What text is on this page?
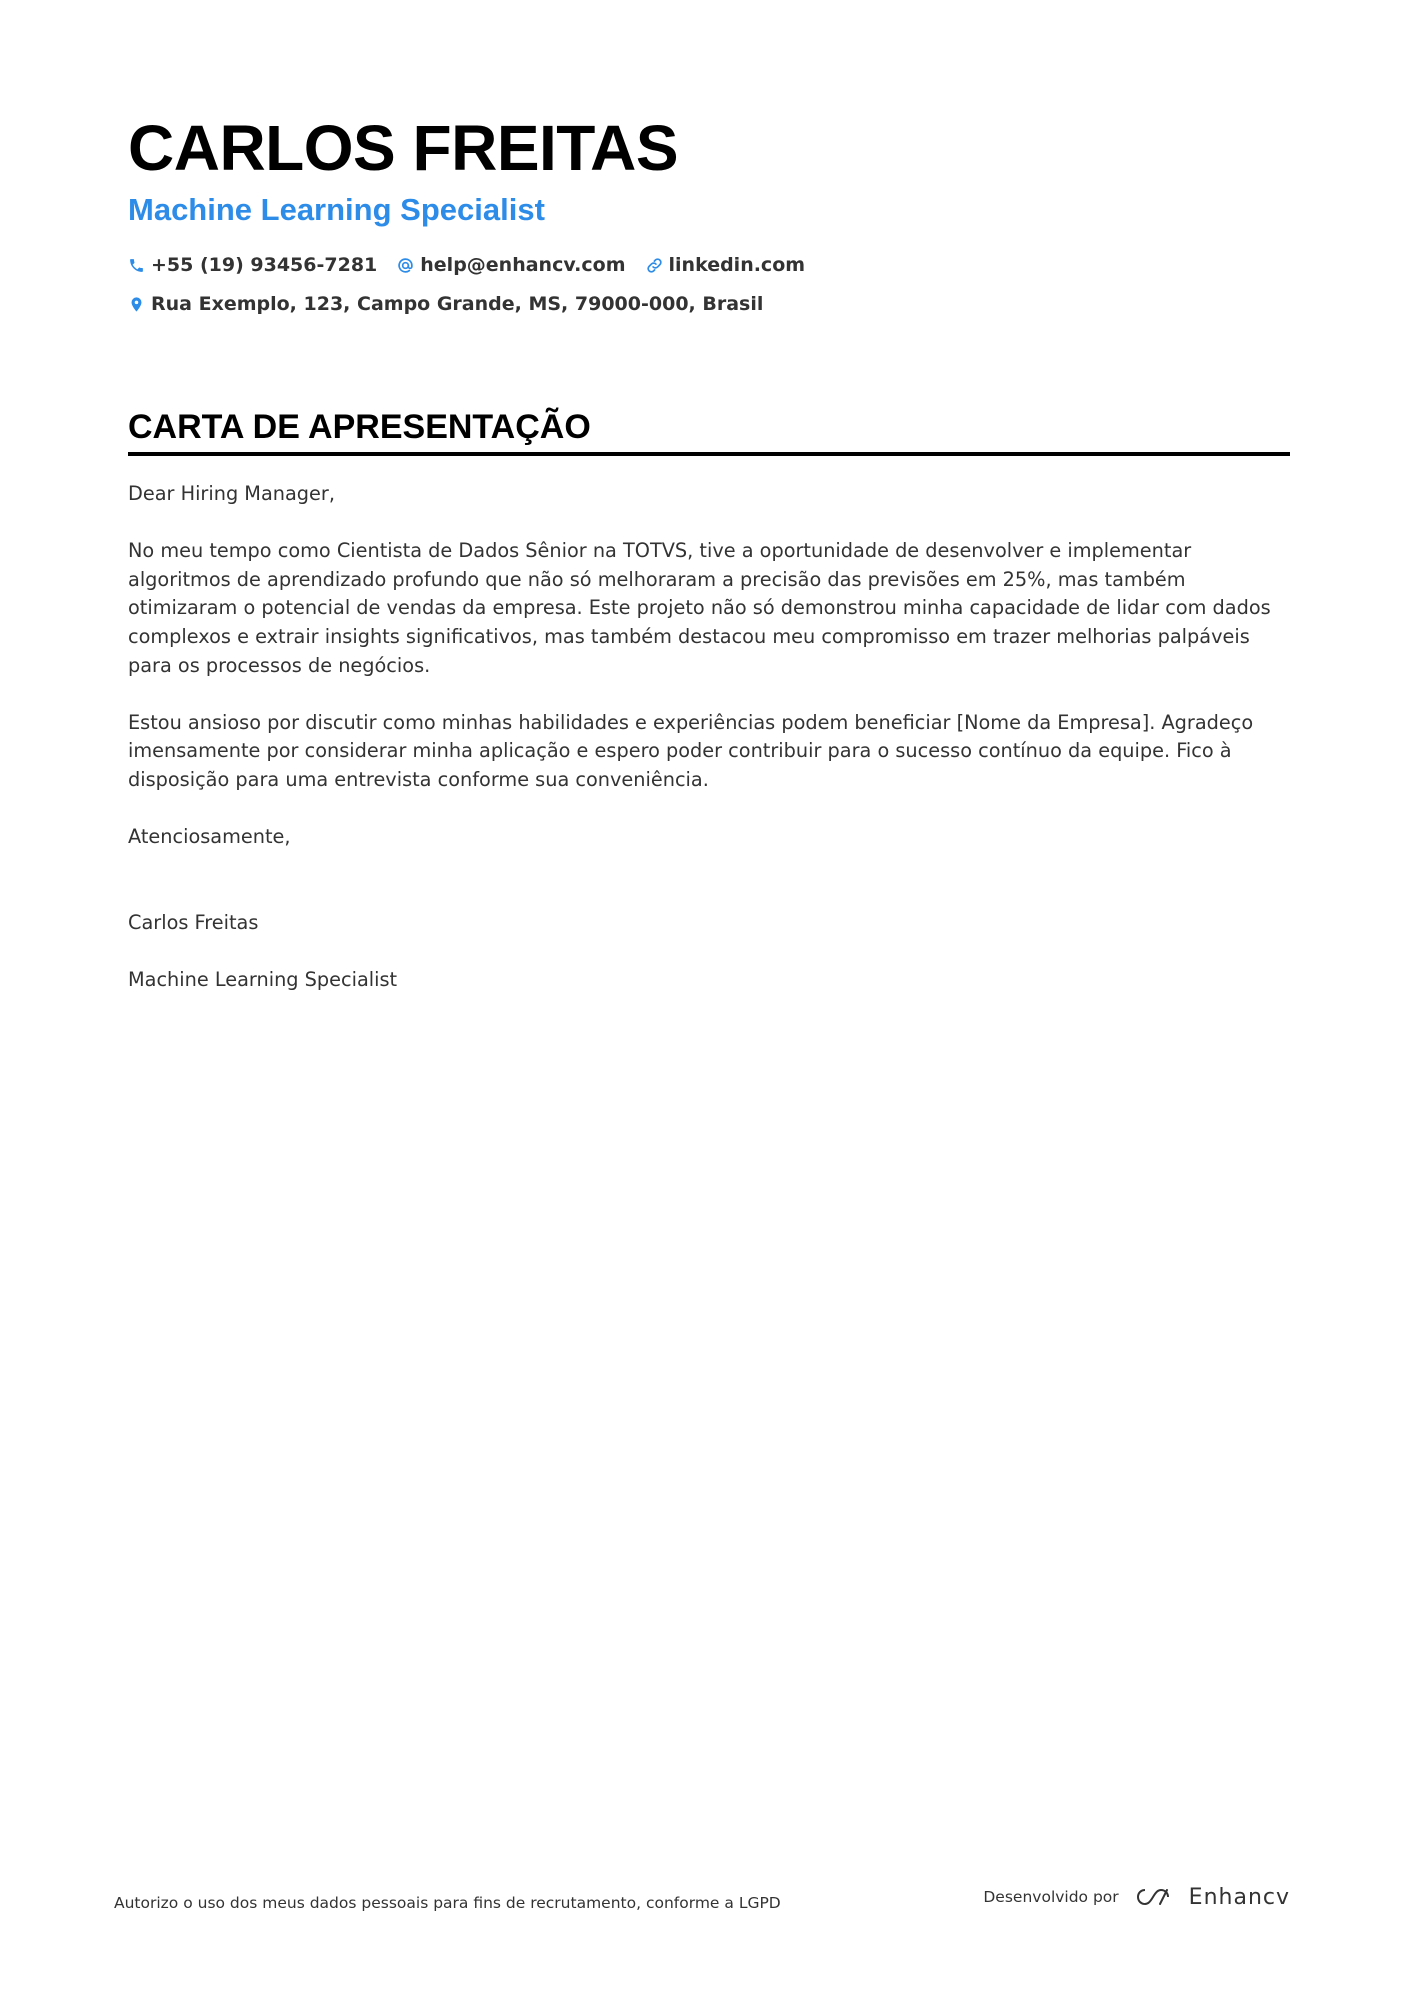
CARLOS FREITAS
Machine Learning Specialist
+55 (19) 93456-7281 help@enhancv.com linkedin.com
Rua Exemplo, 123, Campo Grande, MS, 79000-000, Brasil
CARTA DE APRESENTAÇÃO

Dear Hiring Manager,

No meu tempo como Cientista de Dados Sênior na TOTVS, tive a oportunidade de desenvolver e implementar algoritmos de aprendizado profundo que não só melhoraram a precisão das previsões em 25%, mas também otimizaram o potencial de vendas da empresa. Este projeto não só demonstrou minha capacidade de lidar com dados complexos e extrair insights significativos, mas também destacou meu compromisso em trazer melhorias palpáveis para os processos de negócios.

Estou ansioso por discutir como minhas habilidades e experiências podem beneficiar [Nome da Empresa]. Agradeço imensamente por considerar minha aplicação e espero poder contribuir para o sucesso contínuo da equipe. Fico à disposição para uma entrevista conforme sua conveniência.

Atenciosamente,

Carlos Freitas

Machine Learning Specialist

Autorizo o uso dos meus dados pessoais para fins de recrutamento, conforme a LGPD	Desenvolvido por	Enhancv
